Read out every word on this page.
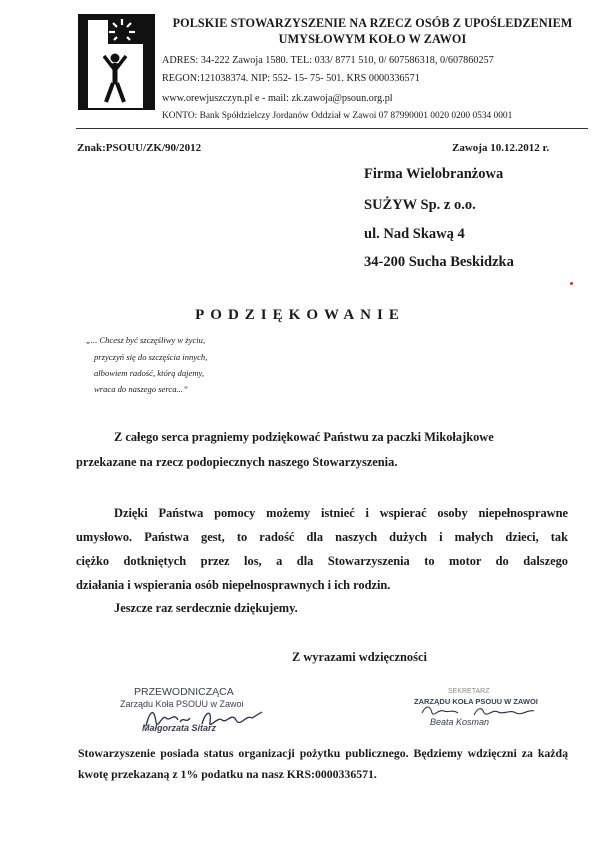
POLSKIE STOWARZYSZENIE NA RZECZ OSÓB Z UPOŚLEDZENIEM
UMYSŁOWYM KOŁO W ZAWOI
ADRES: 34-222 Zawoja 1580. TEL: 033/ 8771 510, 0/ 607586318, 0/607860257
REGON:121038374. NIP: 552- 15- 75- 501. KRS 0000336571
www.orewjuszczyn.pl e - mail: zk.zawoja@psoun.org.pl
KONTO: Bank Spółdzielczy Jordanów Oddział w Zawoi 07 87990001 0020 0200 0534 0001
Znak:PSOUU/ZK/90/2012	Zawoja 10.12.2012 r.
Firma Wielobranżowa
SUŻYW Sp. z o.o.
ul. Nad Skawą 4
34-200 Sucha Beskidzka
PODZIĘKOWANIE
„... Chcesz być szczęśliwy w życiu,
przyczyń się do szczęścia innych,
albowiem radość, którą dajemy,
wraca do naszego serca...”
Z całego serca pragniemy podziękować Państwu za paczki Mikołajkowe
przekazane na rzecz podopiecznych naszego Stowarzyszenia.
Dzięki Państwa pomocy możemy istnieć i wspierać osoby niepełnosprawne
umysłowo. Państwa gest, to radość dla naszych dużych i małych dzieci, tak
ciężko dotkniętych przez los, a dla Stowarzyszenia to motor do dalszego
działania i wspierania osób niepełnosprawnych i ich rodzin.
Jeszcze raz serdecznie dziękujemy.
Z wyrazami wdzięczności
PRZEWODNICZĄCA
Zarządu Koła PSOUU w Zawoi
Małgorzata Sitarz
SEKRETARZ
ZARZĄDU KOŁA PSOUU W ZAWOI
Beata Kosman
Stowarzyszenie posiada status organizacji pożytku publicznego. Będziemy wdzięczni za każdą
kwotę przekazaną z 1% podatku na nasz KRS:0000336571.
